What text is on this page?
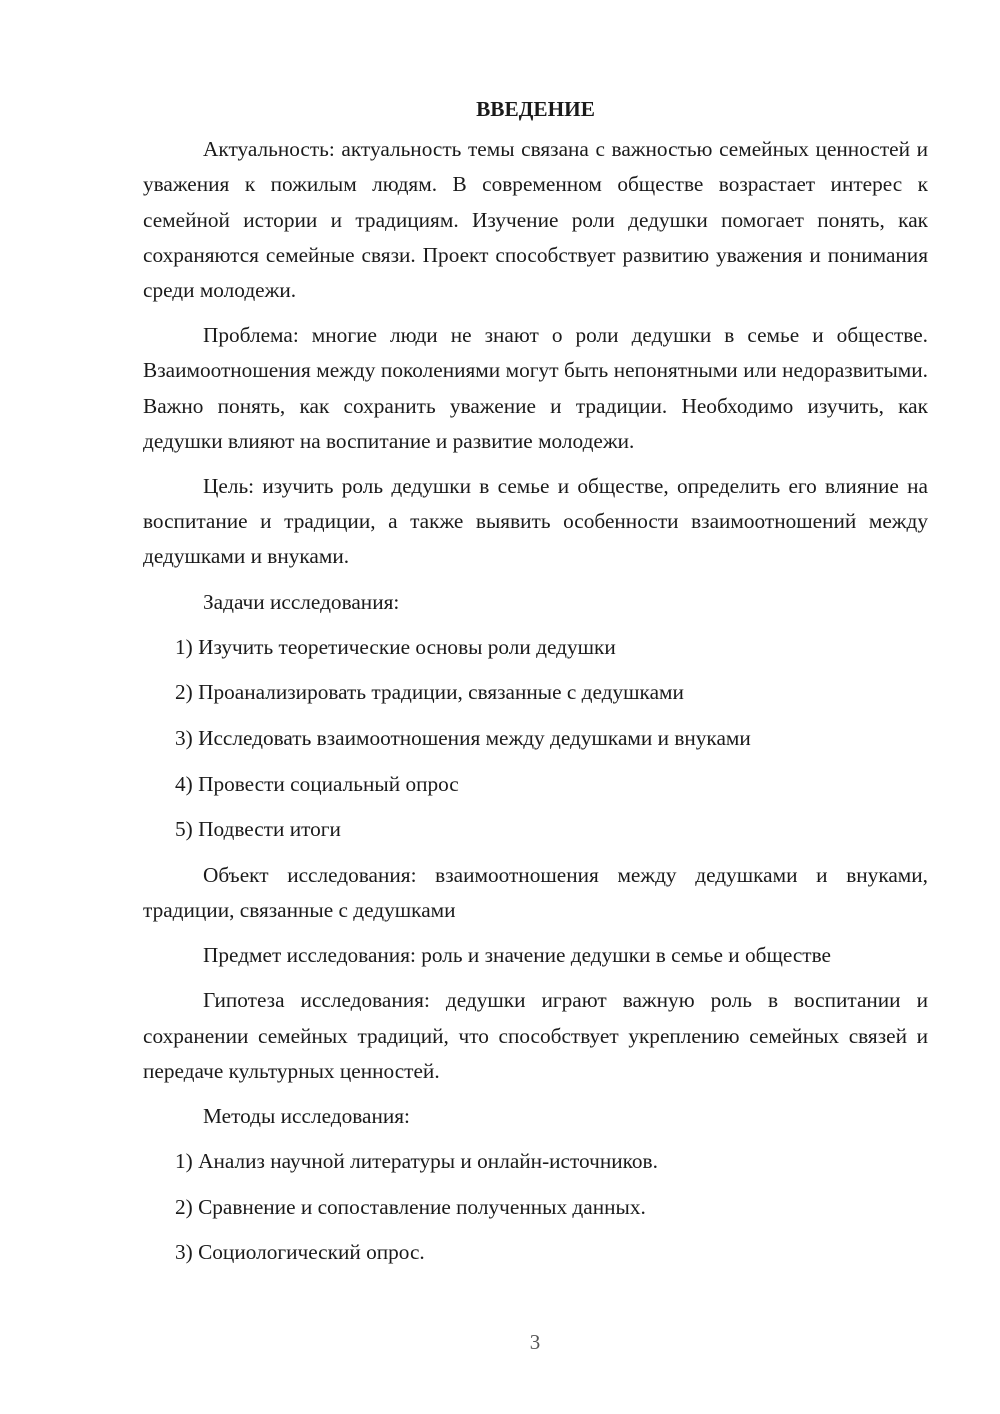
ВВЕДЕНИЕ

Актуальность: актуальность темы связана с важностью семейных ценностей и уважения к пожилым людям. В современном обществе возрастает интерес к семейной истории и традициям. Изучение роли дедушки помогает понять, как сохраняются семейные связи. Проект способствует развитию уважения и понимания среди молодежи.

Проблема: многие люди не знают о роли дедушки в семье и обществе. Взаимоотношения между поколениями могут быть непонятными или недоразвитыми. Важно понять, как сохранить уважение и традиции. Необходимо изучить, как дедушки влияют на воспитание и развитие молодежи.

Цель: изучить роль дедушки в семье и обществе, определить его влияние на воспитание и традиции, а также выявить особенности взаимоотношений между дедушками и внуками.

Задачи исследования:

1) Изучить теоретические основы роли дедушки
2) Проанализировать традиции, связанные с дедушками
3) Исследовать взаимоотношения между дедушками и внуками
4) Провести социальный опрос
5) Подвести итоги

Объект исследования: взаимоотношения между дедушками и внуками, традиции, связанные с дедушками

Предмет исследования: роль и значение дедушки в семье и обществе

Гипотеза исследования: дедушки играют важную роль в воспитании и сохранении семейных традиций, что способствует укреплению семейных связей и передаче культурных ценностей.

Методы исследования:

1) Анализ научной литературы и онлайн-источников.
2) Сравнение и сопоставление полученных данных.
3) Социологический опрос.
3
